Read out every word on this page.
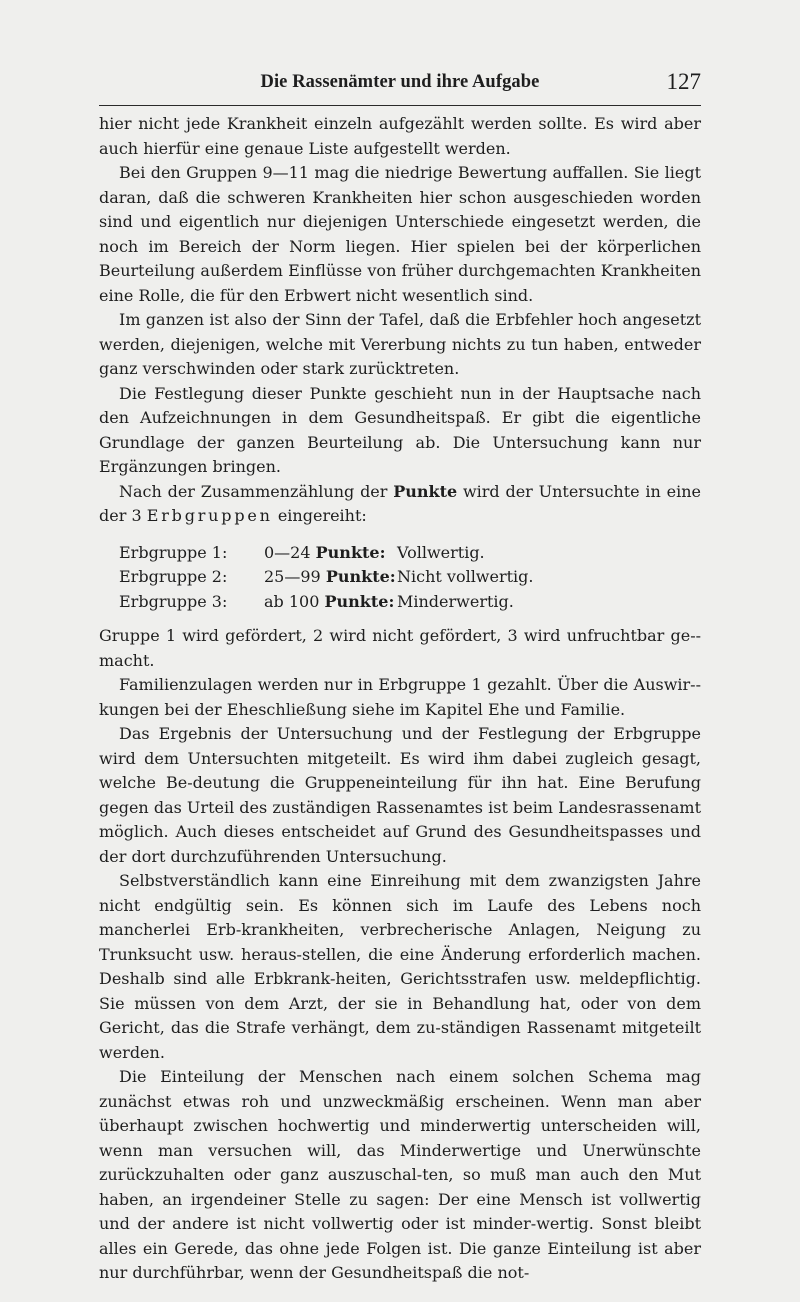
Die Rassenämter und ihre Aufgabe	127

hier nicht jede Krankheit einzeln aufgezählt werden sollte. Es wird aber auch hierfür eine genaue Liste aufgestellt werden.

Bei den Gruppen 9—11 mag die niedrige Bewertung auffallen. Sie liegt daran, daß die schweren Krankheiten hier schon ausgeschieden worden sind und eigentlich nur diejenigen Unterschiede eingesetzt werden, die noch im Bereich der Norm liegen. Hier spielen bei der körperlichen Beurteilung außerdem Einflüsse von früher durchgemachten Krankheiten eine Rolle, die für den Erbwert nicht wesentlich sind.

Im ganzen ist also der Sinn der Tafel, daß die Erbfehler hoch angesetzt werden, diejenigen, welche mit Vererbung nichts zu tun haben, entweder ganz verschwinden oder stark zurücktreten.

Die Festlegung dieser Punkte geschieht nun in der Hauptsache nach den Aufzeichnungen in dem Gesundheitspaß. Er gibt die eigentliche Grundlage der ganzen Beurteilung ab. Die Untersuchung kann nur Ergänzungen bringen.

Nach der Zusammenzählung der Punkte wird der Untersuchte in eine der 3 Erbgruppen eingereiht:

Erbgruppe 1:	0—24 Punkte:	Vollwertig.
Erbgruppe 2:	25—99 Punkte:	Nicht vollwertig.
Erbgruppe 3:	ab 100 Punkte:	Minderwertig.

Gruppe 1 wird gefördert, 2 wird nicht gefördert, 3 wird unfruchtbar ge-macht.

Familienzulagen werden nur in Erbgruppe 1 gezahlt. Über die Auswir-kungen bei der Eheschließung siehe im Kapitel Ehe und Familie.

Das Ergebnis der Untersuchung und der Festlegung der Erbgruppe wird dem Untersuchten mitgeteilt. Es wird ihm dabei zugleich gesagt, welche Be-deutung die Gruppeneinteilung für ihn hat. Eine Berufung gegen das Urteil des zuständigen Rassenamtes ist beim Landesrassenamt möglich. Auch dieses entscheidet auf Grund des Gesundheitspasses und der dort durchzuführenden Untersuchung.

Selbstverständlich kann eine Einreihung mit dem zwanzigsten Jahre nicht endgültig sein. Es können sich im Laufe des Lebens noch mancherlei Erb-krankheiten, verbrecherische Anlagen, Neigung zu Trunksucht usw. heraus-stellen, die eine Änderung erforderlich machen. Deshalb sind alle Erbkrank-heiten, Gerichtsstrafen usw. meldepflichtig. Sie müssen von dem Arzt, der sie in Behandlung hat, oder von dem Gericht, das die Strafe verhängt, dem zu-ständigen Rassenamt mitgeteilt werden.

Die Einteilung der Menschen nach einem solchen Schema mag zunächst etwas roh und unzweckmäßig erscheinen. Wenn man aber überhaupt zwischen hochwertig und minderwertig unterscheiden will, wenn man versuchen will, das Minderwertige und Unerwünschte zurückzuhalten oder ganz auszuschal-ten, so muß man auch den Mut haben, an irgendeiner Stelle zu sagen: Der eine Mensch ist vollwertig und der andere ist nicht vollwertig oder ist minder-wertig. Sonst bleibt alles ein Gerede, das ohne jede Folgen ist. Die ganze Einteilung ist aber nur durchführbar, wenn der Gesundheitspaß die not-
